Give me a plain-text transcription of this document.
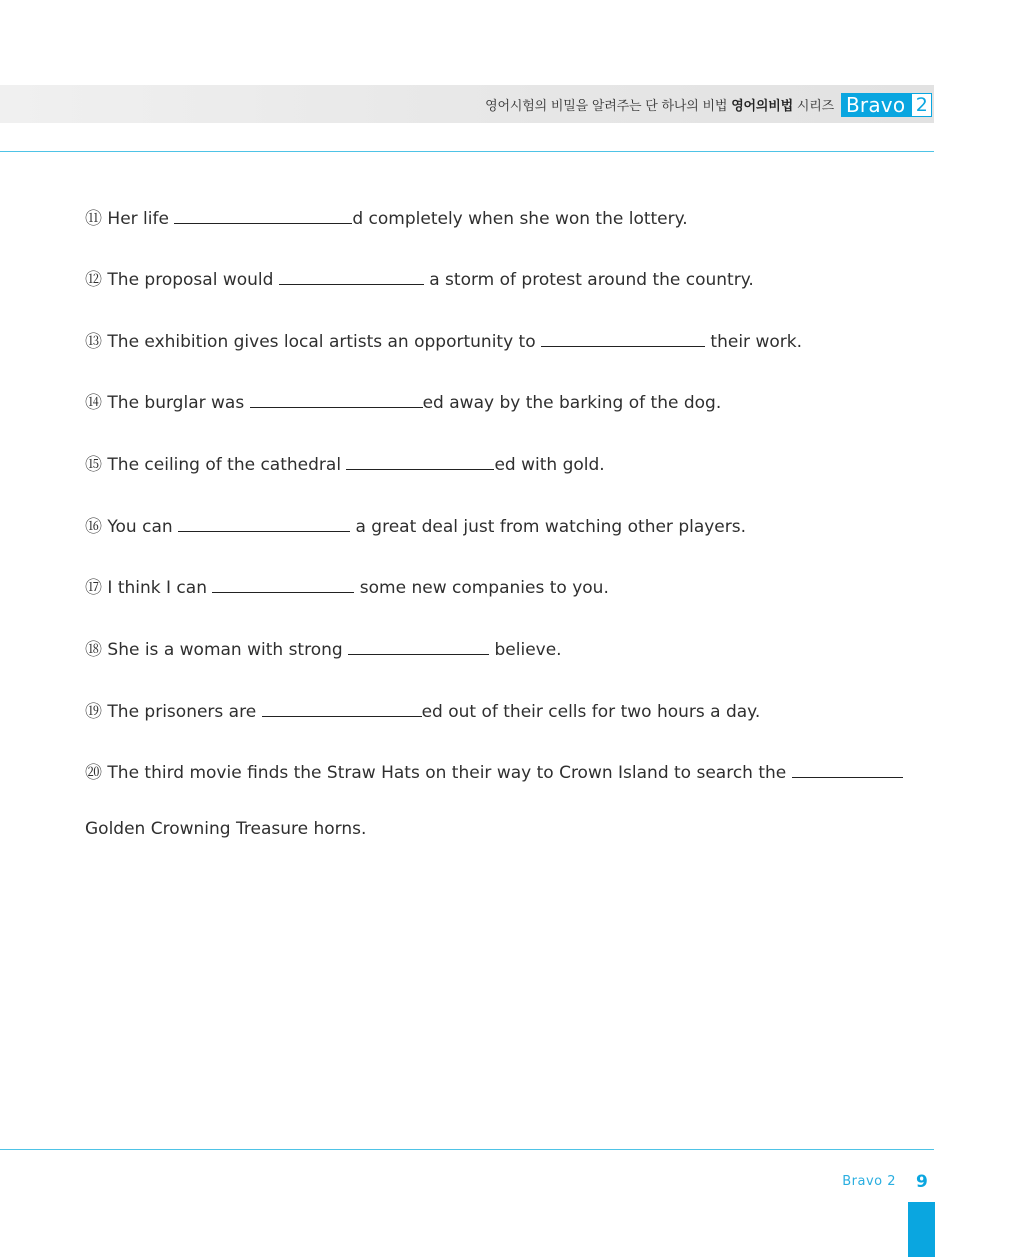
영어시험의 비밀을 알려주는 단 하나의 비법 영어의비법 시리즈 Bravo 2
⑪ Her life	d completely when she won the lottery.
⑫ The proposal would	a storm of protest around the country.
⑬ The exhibition gives local artists an opportunity to	their work.
⑭ The burglar was	ed away by the barking of the dog.
⑮ The ceiling of the cathedral	ed with gold.
⑯ You can	a great deal just from watching other players.
⑰ I think I can	some new companies to you.
⑱ She is a woman with strong	believe.
⑲ The prisoners are	ed out of their cells for two hours a day.
⑳ The third movie finds the Straw Hats on their way to Crown Island to search the
Golden Crowning Treasure horns.
Bravo 2 9
